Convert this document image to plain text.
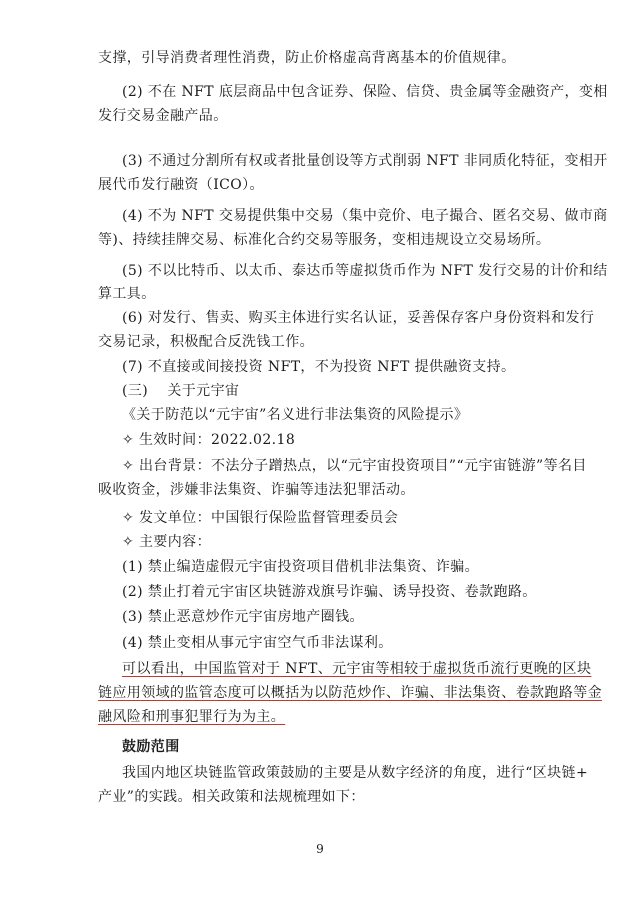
支撑，引导消费者理性消费，防止价格虚高背离基本的价值规律。
(2) 不在 NFT 底层商品中包含证券、保险、信贷、贵金属等金融资产，变相
发行交易金融产品。
(3) 不通过分割所有权或者批量创设等方式削弱 NFT 非同质化特征，变相开
展代币发行融资（ICO）。
(4) 不为 NFT 交易提供集中交易（集中竞价、电子撮合、匿名交易、做市商
等)、持续挂牌交易、标准化合约交易等服务，变相违规设立交易场所。
(5) 不以比特币、以太币、泰达币等虚拟货币作为 NFT 发行交易的计价和结
算工具。
(6) 对发行、售卖、购买主体进行实名认证，妥善保存客户身份资料和发行
交易记录，积极配合反洗钱工作。
(7) 不直接或间接投资 NFT，不为投资 NFT 提供融资支持。
(三)　 关于元宇宙
《关于防范以“元宇宙”名义进行非法集资的风险提示》
✧ 生效时间：2022.02.18
✧ 出台背景：不法分子蹭热点，以“元宇宙投资项目”“元宇宙链游”等名目
吸收资金，涉嫌非法集资、诈骗等违法犯罪活动。
✧ 发文单位：中国银行保险监督管理委员会
✧ 主要内容：
(1) 禁止编造虚假元宇宙投资项目借机非法集资、诈骗。
(2) 禁止打着元宇宙区块链游戏旗号诈骗、诱导投资、卷款跑路。
(3) 禁止恶意炒作元宇宙房地产圈钱。
(4) 禁止变相从事元宇宙空气币非法谋利。
可以看出，中国监管对于 NFT、元宇宙等相较于虚拟货币流行更晚的区块
链应用领域的监管态度可以概括为以防范炒作、诈骗、非法集资、卷款跑路等金
融风险和刑事犯罪行为为主。
鼓励范围
我国内地区块链监管政策鼓励的主要是从数字经济的角度，进行“区块链+
产业”的实践。相关政策和法规梳理如下：
9
